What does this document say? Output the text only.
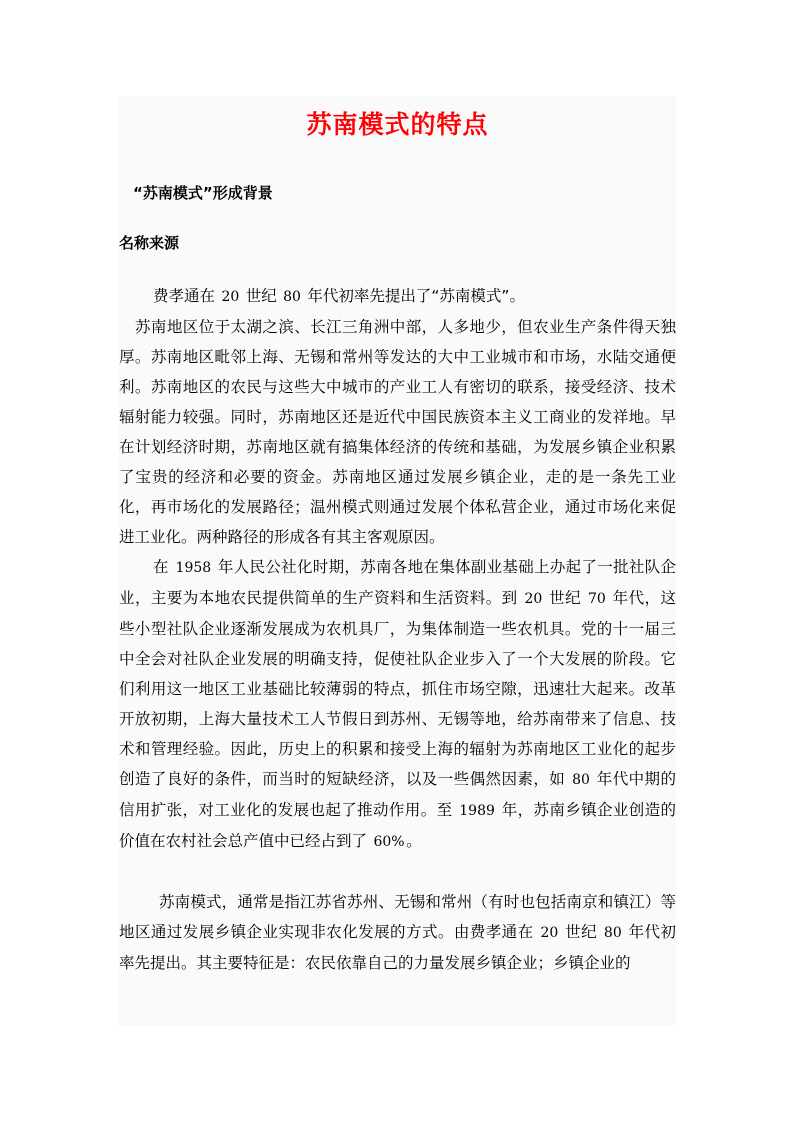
苏南模式的特点
“苏南模式”形成背景
名称来源

费孝通在 20 世纪 80 年代初率先提出了“苏南模式”。

苏南地区位于太湖之滨、长江三角洲中部，人多地少，但农业生产条件得天独厚。苏南地区毗邻上海、无锡和常州等发达的大中工业城市和市场，水陆交通便利。苏南地区的农民与这些大中城市的产业工人有密切的联系，接受经济、技术辐射能力较强。同时，苏南地区还是近代中国民族资本主义工商业的发祥地。早在计划经济时期，苏南地区就有搞集体经济的传统和基础，为发展乡镇企业积累了宝贵的经济和必要的资金。苏南地区通过发展乡镇企业，走的是一条先工业化，再市场化的发展路径；温州模式则通过发展个体私营企业，通过市场化来促进工业化。两种路径的形成各有其主客观原因。

在 1958 年人民公社化时期，苏南各地在集体副业基础上办起了一批社队企业，主要为本地农民提供简单的生产资料和生活资料。到 20 世纪 70 年代，这些小型社队企业逐渐发展成为农机具厂，为集体制造一些农机具。党的十一届三中全会对社队企业发展的明确支持，促使社队企业步入了一个大发展的阶段。它们利用这一地区工业基础比较薄弱的特点，抓住市场空隙，迅速壮大起来。改革开放初期，上海大量技术工人节假日到苏州、无锡等地，给苏南带来了信息、技术和管理经验。因此，历史上的积累和接受上海的辐射为苏南地区工业化的起步创造了良好的条件，而当时的短缺经济，以及一些偶然因素，如 80 年代中期的信用扩张，对工业化的发展也起了推动作用。至 1989 年，苏南乡镇企业创造的价值在农村社会总产值中已经占到了 60%。

苏南模式，通常是指江苏省苏州、无锡和常州（有时也包括南京和镇江）等地区通过发展乡镇企业实现非农化发展的方式。由费孝通在 20 世纪 80 年代初率先提出。其主要特征是：农民依靠自己的力量发展乡镇企业；乡镇企业的
